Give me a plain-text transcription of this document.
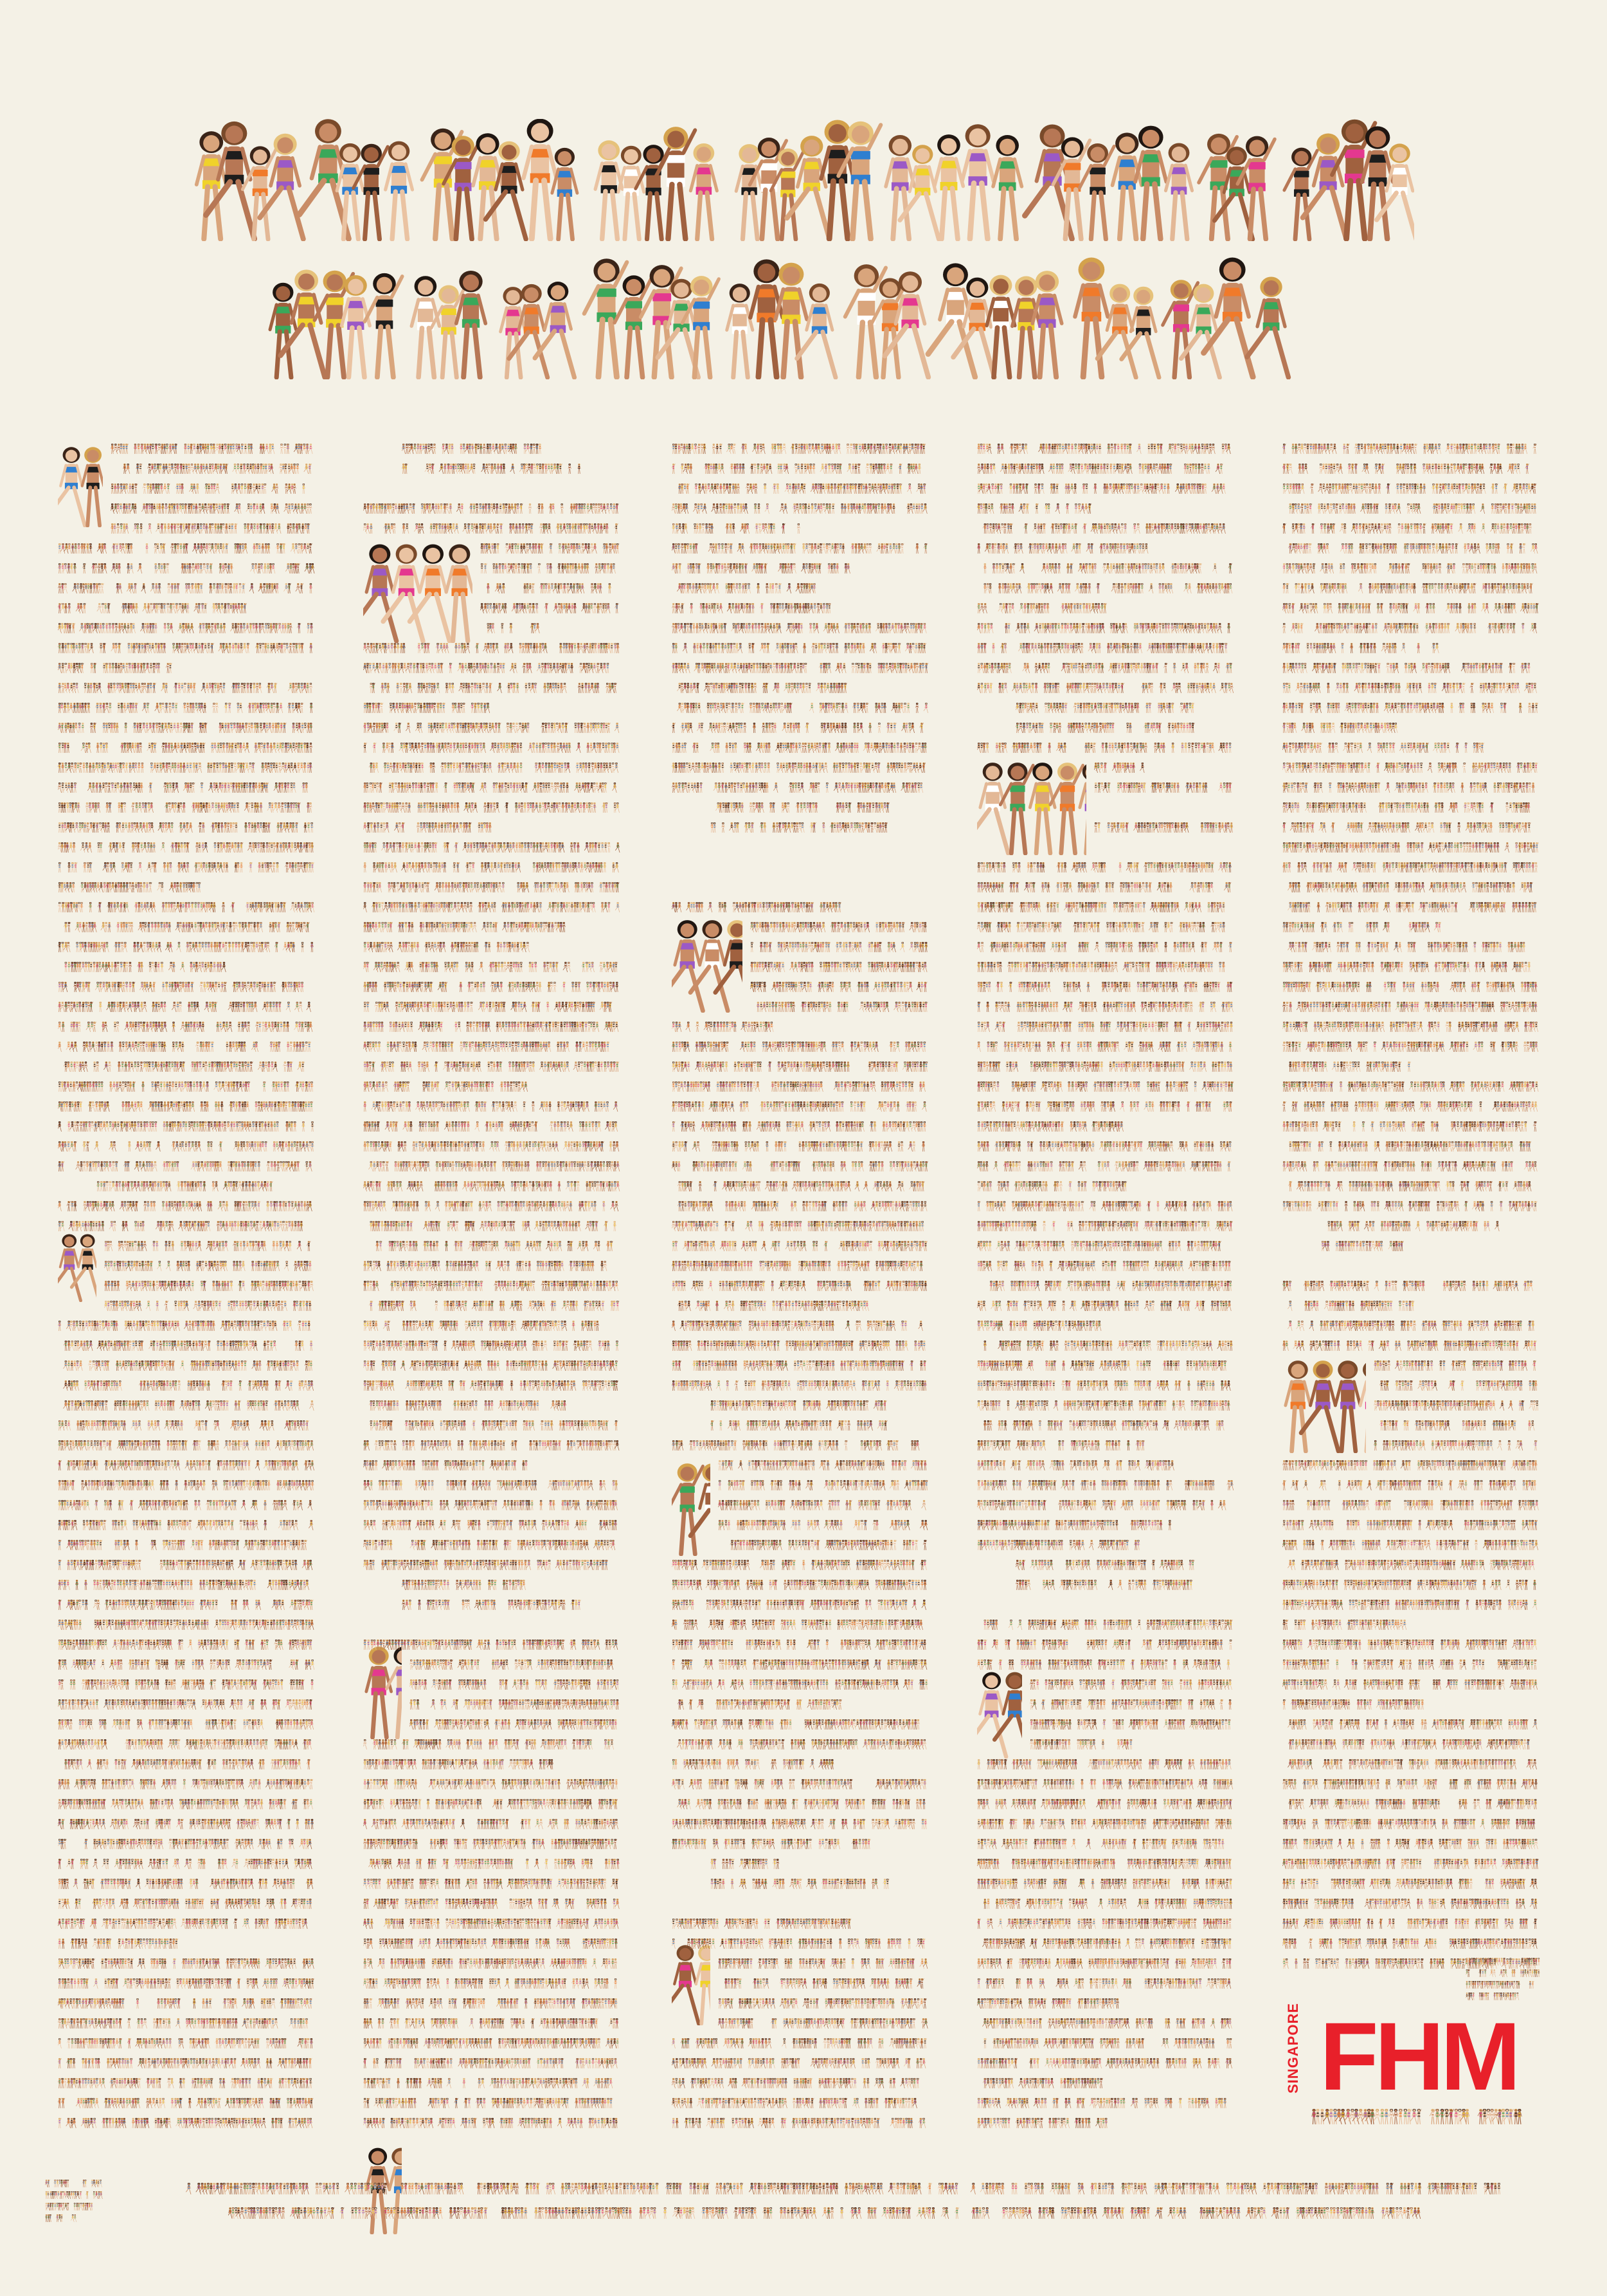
SINGAPORE FHM
